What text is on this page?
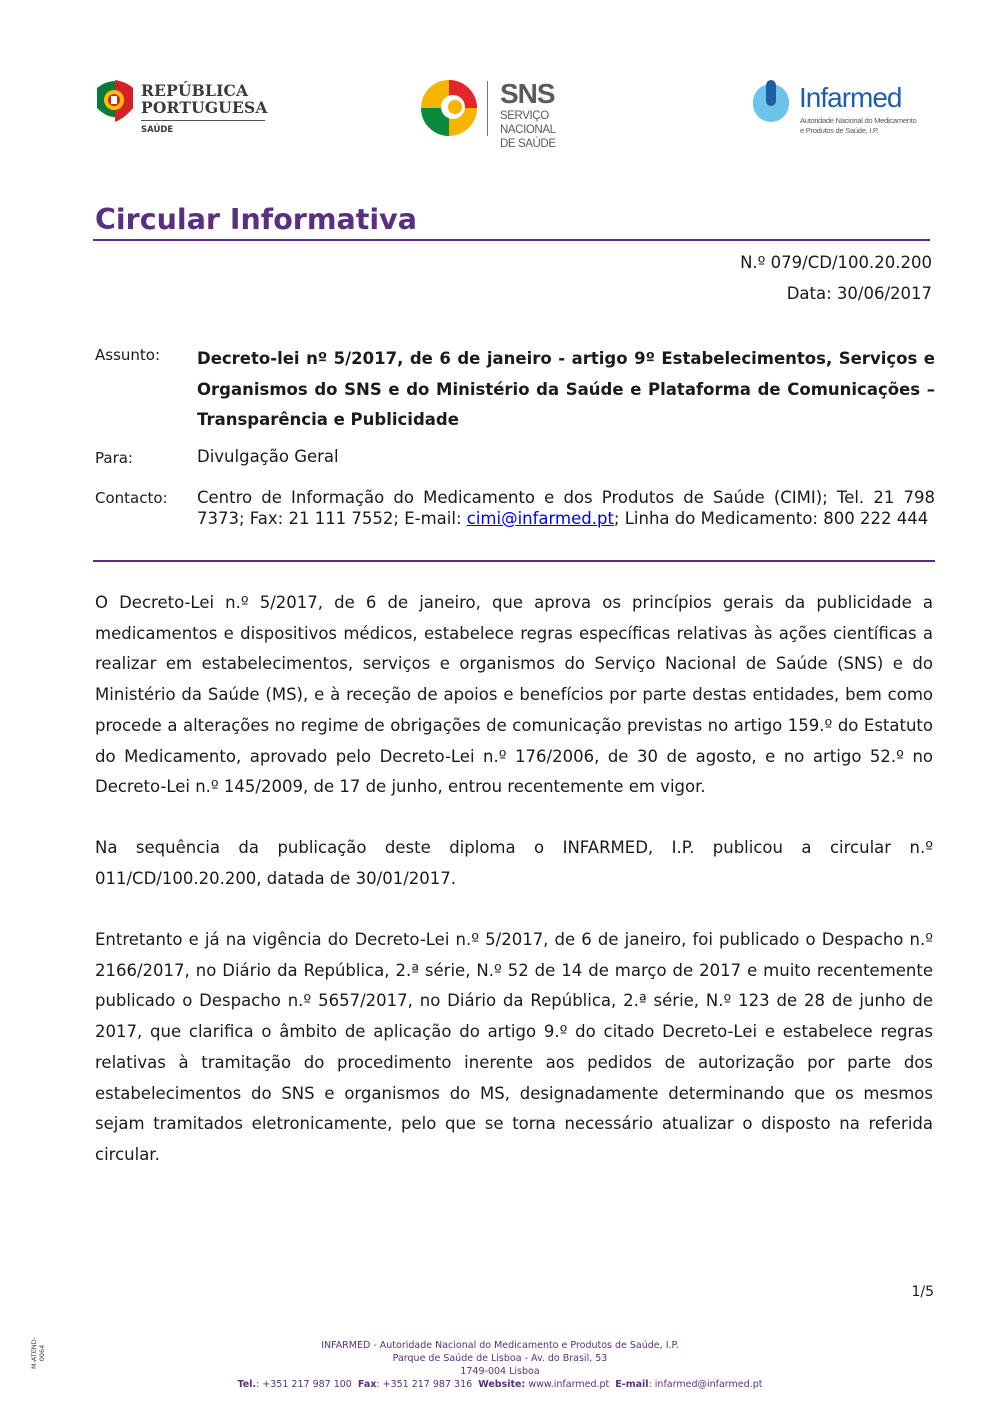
REPÚBLICA
PORTUGUESA
SAÚDE
SNS
SERVIÇO NACIONAL
DE SAÚDE
Infarmed
Autoridade Nacional do Medicamento
e Produtos de Saúde, I.P.
Circular Informativa
N.º 079/CD/100.20.200
Data: 30/06/2017
Assunto: Decreto-lei nº 5/2017, de 6 de janeiro - artigo 9º Estabelecimentos, Serviços e Organismos do SNS e do Ministério da Saúde e Plataforma de Comunicações – Transparência e Publicidade
Para:	Divulgação Geral
Contacto: Centro de Informação do Medicamento e dos Produtos de Saúde (CIMI); Tel. 21 798 7373; Fax: 21 111 7552; E-mail: cimi@infarmed.pt; Linha do Medicamento: 800 222 444

O Decreto-Lei n.º 5/2017, de 6 de janeiro, que aprova os princípios gerais da publicidade a medicamentos e dispositivos médicos, estabelece regras específicas relativas às ações científicas a realizar em estabelecimentos, serviços e organismos do Serviço Nacional de Saúde (SNS) e do Ministério da Saúde (MS), e à receção de apoios e benefícios por parte destas entidades, bem como procede a alterações no regime de obrigações de comunicação previstas no artigo 159.º do Estatuto do Medicamento, aprovado pelo Decreto-Lei n.º 176/2006, de 30 de agosto, e no artigo 52.º no Decreto-Lei n.º 145/2009, de 17 de junho, entrou recentemente em vigor.

Na sequência da publicação deste diploma o INFARMED, I.P. publicou a circular n.º 011/CD/100.20.200, datada de 30/01/2017.

Entretanto e já na vigência do Decreto-Lei n.º 5/2017, de 6 de janeiro, foi publicado o Despacho n.º 2166/2017, no Diário da República, 2.ª série, N.º 52 de 14 de março de 2017 e muito recentemente publicado o Despacho n.º 5657/2017, no Diário da República, 2.ª série, N.º 123 de 28 de junho de 2017, que clarifica o âmbito de aplicação do artigo 9.º do citado Decreto-Lei e estabelece regras relativas à tramitação do procedimento inerente aos pedidos de autorização por parte dos estabelecimentos do SNS e organismos do MS, designadamente determinando que os mesmos sejam tramitados eletronicamente, pelo que se torna necessário atualizar o disposto na referida circular.

1/5
M-ATEND-0064	INFARMED - Autoridade Nacional do Medicamento e Produtos de Saúde, I.P.
Parque de Saúde de Lisboa - Av. do Brasil, 53
1749-004 Lisboa
Tel.: +351 217 987 100 Fax: +351 217 987 316 Website: www.infarmed.pt E-mail: infarmed@infarmed.pt
